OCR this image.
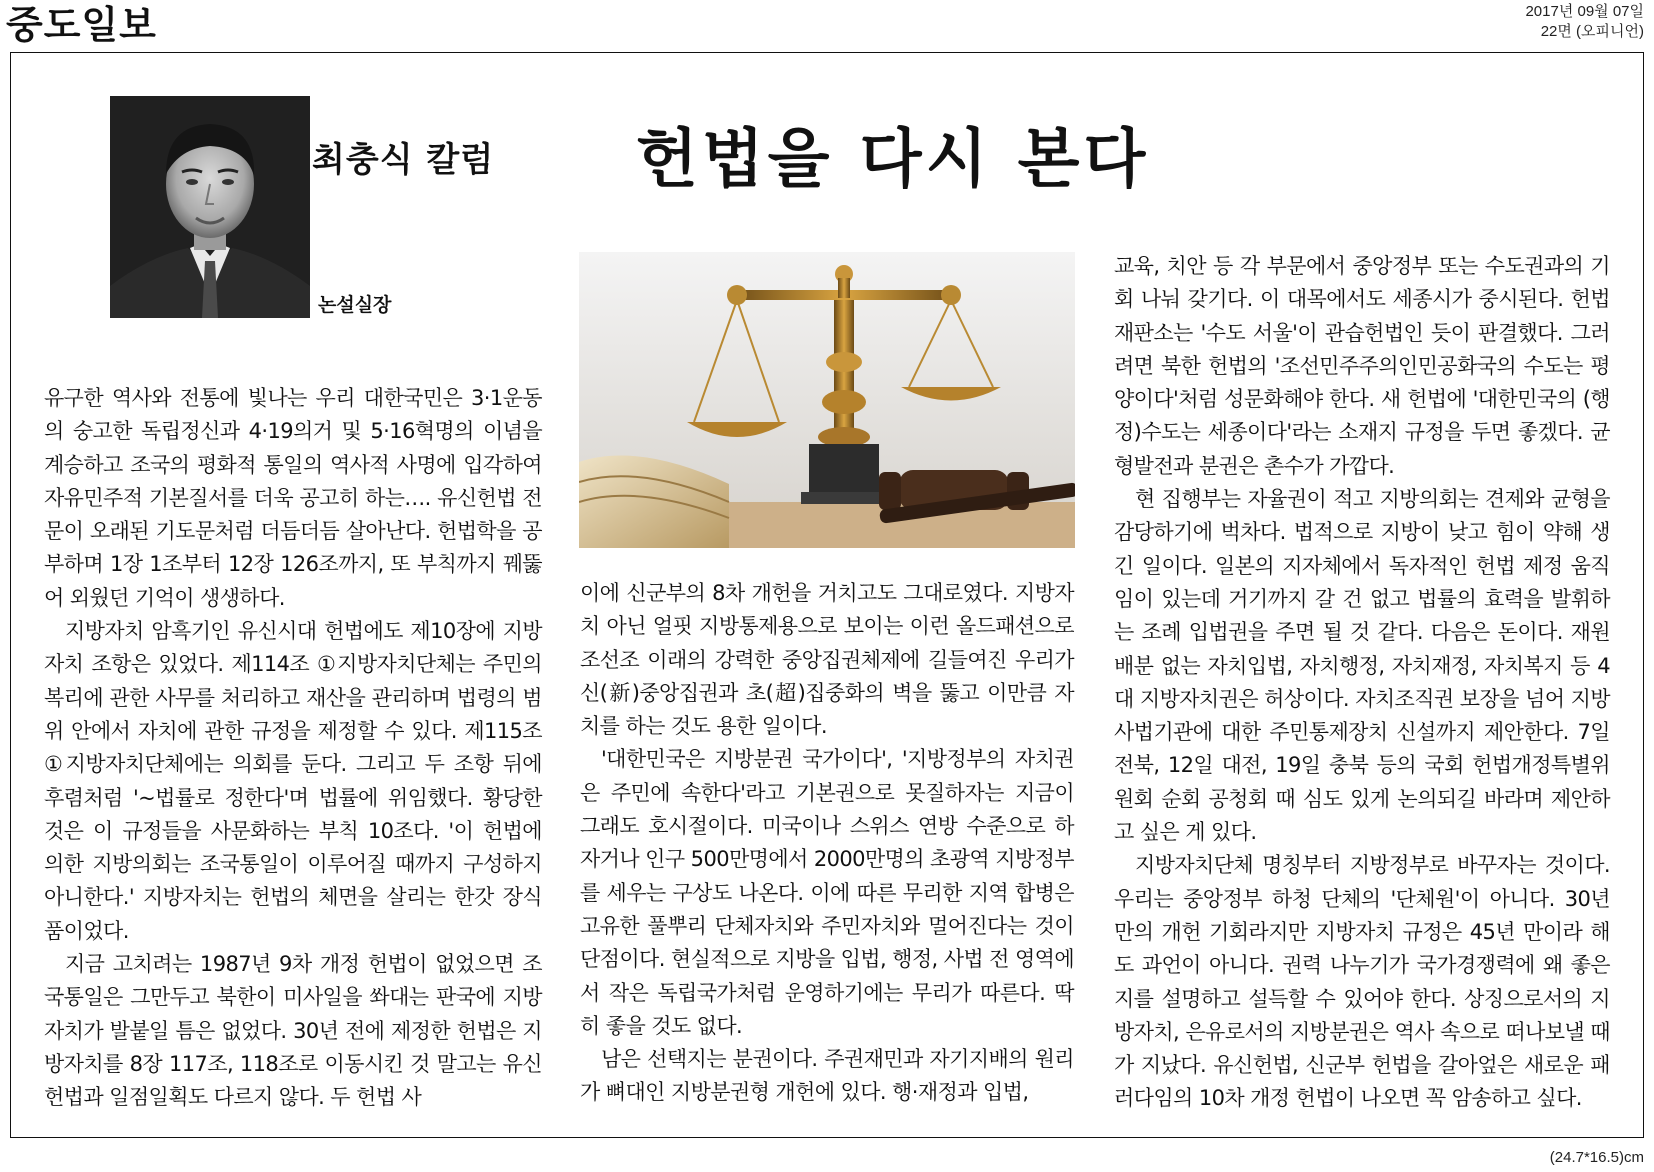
중도일보	2017년 09월 07일
22면 (오피니언)
논설실장
최충식 칼럼 헌법을 다시 본다

유구한 역사와 전통에 빛나는 우리 대한국민은 3·1운동의 숭고한 독립정신과 4·19의거 및 5·16혁명의 이념을 계승하고 조국의 평화적 통일의 역사적 사명에 입각하여 자유민주적 기본질서를 더욱 공고히 하는…. 유신헌법 전문이 오래된 기도문처럼 더듬더듬 살아난다. 헌법학을 공부하며 1장 1조부터 12장 126조까지, 또 부칙까지 꿰뚫어 외웠던 기억이 생생하다.

지방자치 암흑기인 유신시대 헌법에도 제10장에 지방자치 조항은 있었다. 제114조 ①지방자치단체는 주민의 복리에 관한 사무를 처리하고 재산을 관리하며 법령의 범위 안에서 자치에 관한 규정을 제정할 수 있다. 제115조 ①지방자치단체에는 의회를 둔다. 그리고 두 조항 뒤에 후렴처럼 '~법률로 정한다'며 법률에 위임했다. 황당한 것은 이 규정들을 사문화하는 부칙 10조다. '이 헌법에 의한 지방의회는 조국통일이 이루어질 때까지 구성하지 아니한다.' 지방자치는 헌법의 체면을 살리는 한갓 장식품이었다.

지금 고치려는 1987년 9차 개정 헌법이 없었으면 조국통일은 그만두고 북한이 미사일을 쏴대는 판국에 지방자치가 발붙일 틈은 없었다. 30년 전에 제정한 헌법은 지방자치를 8장 117조, 118조로 이동시킨 것 말고는 유신헌법과 일점일획도 다르지 않다. 두 헌법 사

이에 신군부의 8차 개헌을 거치고도 그대로였다. 지방자치 아닌 얼핏 지방통제용으로 보이는 이런 올드패션으로 조선조 이래의 강력한 중앙집권체제에 길들여진 우리가 신(新)중앙집권과 초(超)집중화의 벽을 뚫고 이만큼 자치를 하는 것도 용한 일이다.

'대한민국은 지방분권 국가이다', '지방정부의 자치권은 주민에 속한다'라고 기본권으로 못질하자는 지금이 그래도 호시절이다. 미국이나 스위스 연방 수준으로 하자거나 인구 500만명에서 2000만명의 초광역 지방정부를 세우는 구상도 나온다. 이에 따른 무리한 지역 합병은 고유한 풀뿌리 단체자치와 주민자치와 멀어진다는 것이 단점이다. 현실적으로 지방을 입법, 행정, 사법 전 영역에서 작은 독립국가처럼 운영하기에는 무리가 따른다. 딱히 좋을 것도 없다.

남은 선택지는 분권이다. 주권재민과 자기지배의 원리가 뼈대인 지방분권형 개헌에 있다. 행·재정과 입법,

교육, 치안 등 각 부문에서 중앙정부 또는 수도권과의 기회 나눠 갖기다. 이 대목에서도 세종시가 중시된다. 헌법재판소는 '수도 서울'이 관습헌법인 듯이 판결했다. 그러려면 북한 헌법의 '조선민주주의인민공화국의 수도는 평양이다'처럼 성문화해야 한다. 새 헌법에 '대한민국의 (행정)수도는 세종이다'라는 소재지 규정을 두면 좋겠다. 균형발전과 분권은 촌수가 가깝다.

현 집행부는 자율권이 적고 지방의회는 견제와 균형을 감당하기에 벅차다. 법적으로 지방이 낮고 힘이 약해 생긴 일이다. 일본의 지자체에서 독자적인 헌법 제정 움직임이 있는데 거기까지 갈 건 없고 법률의 효력을 발휘하는 조례 입법권을 주면 될 것 같다. 다음은 돈이다. 재원 배분 없는 자치입법, 자치행정, 자치재정, 자치복지 등 4대 지방자치권은 허상이다. 자치조직권 보장을 넘어 지방사법기관에 대한 주민통제장치 신설까지 제안한다. 7일 전북, 12일 대전, 19일 충북 등의 국회 헌법개정특별위원회 순회 공청회 때 심도 있게 논의되길 바라며 제안하고 싶은 게 있다.

지방자치단체 명칭부터 지방정부로 바꾸자는 것이다. 우리는 중앙정부 하청 단체의 '단체원'이 아니다. 30년 만의 개헌 기회라지만 지방자치 규정은 45년 만이라 해도 과언이 아니다. 권력 나누기가 국가경쟁력에 왜 좋은지를 설명하고 설득할 수 있어야 한다. 상징으로서의 지방자치, 은유로서의 지방분권은 역사 속으로 떠나보낼 때가 지났다. 유신헌법, 신군부 헌법을 갈아엎은 새로운 패러다임의 10차 개정 헌법이 나오면 꼭 암송하고 싶다.

(24.7*16.5)cm
